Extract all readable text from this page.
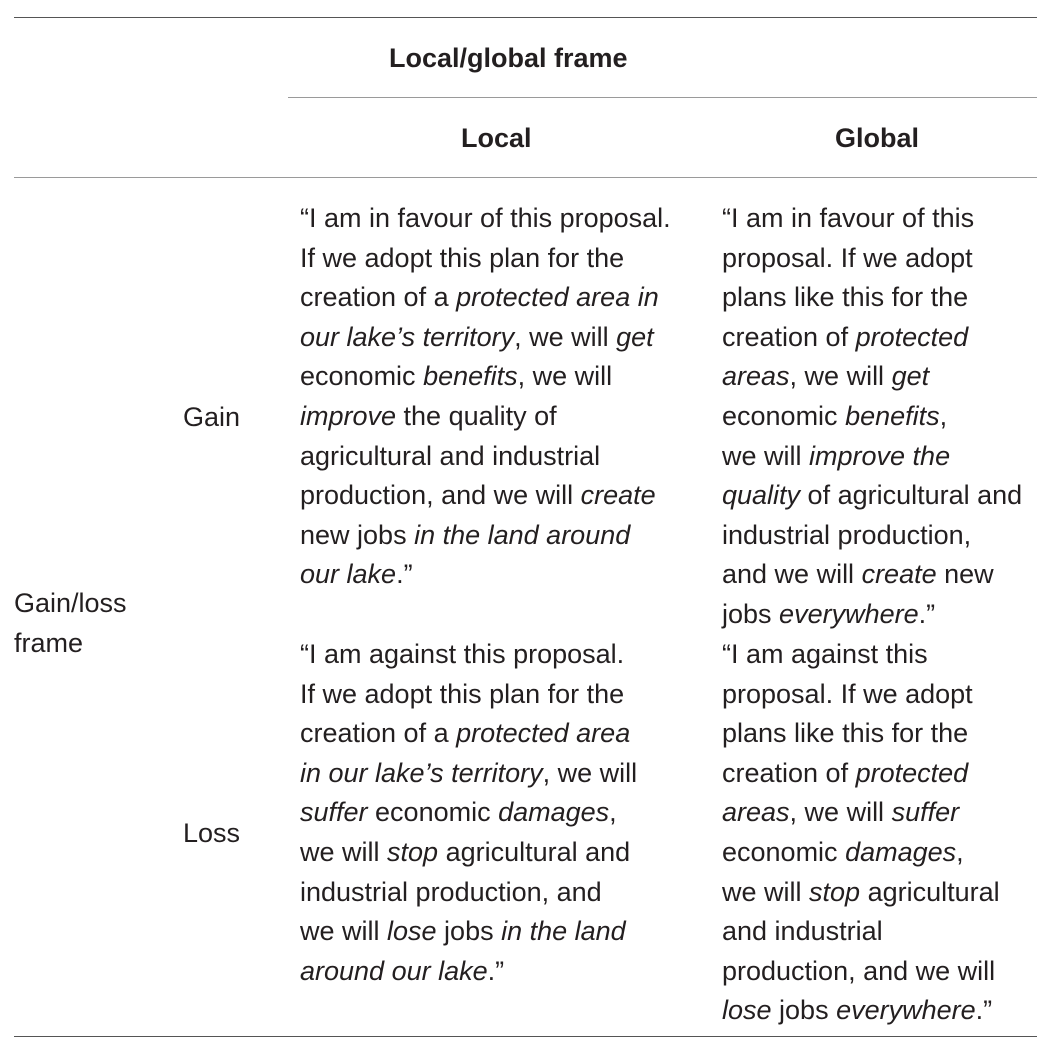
Local/global frame
Local	Global
Gain/loss
frame
Gain
Loss
“I am in favour of this proposal.
If we adopt this plan for the
creation of a protected area in
our lake’s territory, we will get
economic benefits, we will
improve the quality of
agricultural and industrial
production, and we will create
new jobs in the land around
our lake.”
“I am in favour of this
proposal. If we adopt
plans like this for the
creation of protected
areas, we will get
economic benefits,
we will improve the
quality of agricultural and
industrial production,
and we will create new
jobs everywhere.”
“I am against this proposal.
If we adopt this plan for the
creation of a protected area
in our lake’s territory, we will
suffer economic damages,
we will stop agricultural and
industrial production, and
we will lose jobs in the land
around our lake.”
“I am against this
proposal. If we adopt
plans like this for the
creation of protected
areas, we will suffer
economic damages,
we will stop agricultural
and industrial
production, and we will
lose jobs everywhere.”
